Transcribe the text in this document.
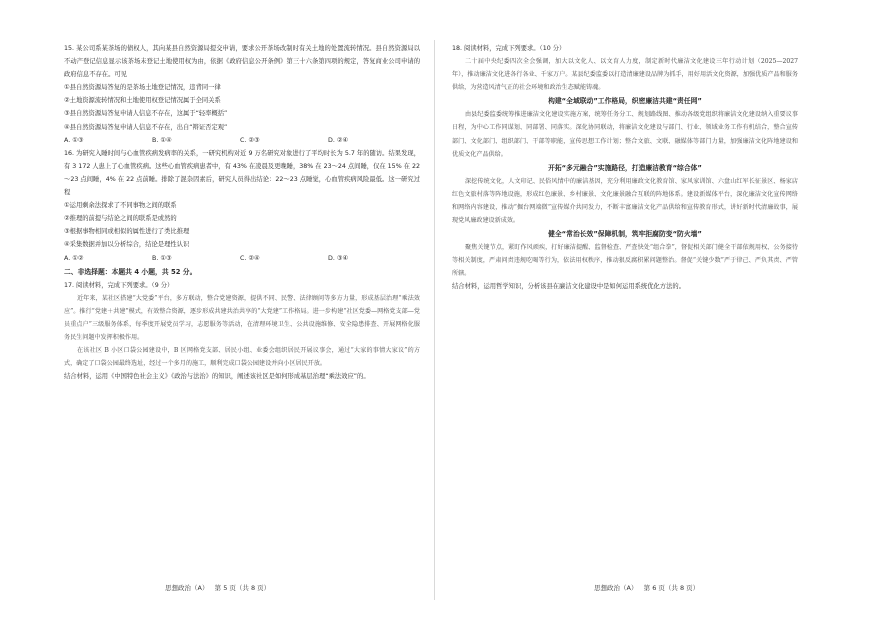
15. 某公司系某茶场的债权人，其向某县自然资源局提交申请，要求公开茶场改制时有关土地的处置流转情况。县自然资源局以不动产登记信息显示该茶场未登记土地使用权为由，依据《政府信息公开条例》第三十六条第四项的规定，答复商业公司申请的政府信息不存在。可见

①县自然资源局答复的是茶场土地登记情况，违背同一律

②土地资源流转情况和土地使用权登记情况属于全同关系

③县自然资源局答复申请人信息不存在，这属于“轻率概括”

④县自然资源局答复申请人信息不存在，出自“辩证否定观”

A. ①③	B. ①④	C. ②③	D. ②④

16. 为研究入睡时间与心血管疾病发病率的关系，一研究机构对近 9 万名研究对象进行了平均时长为 5.7 年的随访。结果发现，有 3 172 人患上了心血管疾病。这些心血管疾病患者中，有 43% 在凌晨及更晚睡，38% 在 23～24 点间睡，仅在 15% 在 22～23 点间睡，4% 在 22 点前睡。排除了混杂因素后，研究人员得出结论：22～23 点睡觉，心血管疾病风险最低。这一研究过程

①运用剩余法探求了不同事物之间的联系

②推理的前提与结论之间的联系是或然的

③根据事物相同或相似的属性进行了类比推理

④采集数据并加以分析综合，结论是理性认识

A. ①②	B. ①③	C. ②④	D. ③④

二、非选择题：本题共 4 小题，共 52 分。

17. 阅读材料，完成下列要求。（9 分）

近年来，某社区搭建“大党委”平台，多方联动，整合党建资源，提供不同、民警、法律顾问等多方力量，形成基层治理“乘法效应”。推行“党建＋共建”模式，有效整合资源，逐步形成共建共治共享的“大党建”工作格局。进一步构建“社区党委—网格党支部—党员重点户”三级服务体系，每季度开展党员学习，志愿服务等活动，在清理环境卫生、公共设施维修、安全隐患排查、开展网格化服务民生问题中发挥积极作用。

在该社区 B 小区口袋公园建设中，B 区网格党支部、居民小组、业委会组织居民开展议事会，通过“大家的事情大家议”的方式，确定了口袋公园最终选址，经过一个多月的施工，顺利完成口袋公园建设并向小区居民开放。

结合材料，运用《中国特色社会主义》《政治与法治》的知识，阐述该社区是如何形成基层治理“乘法效应”的。

思想政治（A）   第 5 页（共 8 页）

18. 阅读材料，完成下列要求。（10 分）

二十届中央纪委四次全会强调，加大以文化人、以文育人力度，制定新时代廉洁文化建设三年行动计划（2025—2027 年），推动廉洁文化进各行各业、千家万户。某县纪委监委以打造清廉建设品牌为抓手，用好用活文化资源，加强优质产品和服务供给，为营造风清气正的社会环境和政治生态赋能铸魂。

构建“全域联动”工作格局，织密廉洁共建“责任网”

由县纪委监委统筹推进廉洁文化建设实施方案，统筹任务分工、规划路线图、推动各级党组织将廉洁文化建设纳入重要议事日程，为中心工作同谋划、同部署、同落实。深化协同联动，将廉洁文化建设与部门、行业、领域业务工作有机结合，整合宣传部门、文化部门、组织部门、干部等职能，宣传思想工作计划；整合文旅、文联、融媒体等部门力量，加强廉洁文化阵地建设和优质文化产品供给。

开拓“多元融合”实施路径，打造廉洁教育“综合体”

深挖传统文化，人文印记、民俗风情中的廉洁基因，充分利用廉政文化教育馆、家风家训馆、六盘山红军长征景区、杨家店红色文旅村落等阵地设施，形成红色廉景、乡村廉景、文化廉景融合互联的阵地体系。建设新媒体平台，深化廉洁文化宣传网络和网络内容建设，推动“掘台网端微”宣传媒介共同发力，不断丰富廉洁文化产品供给和宣传教育形式，讲好新时代清廉故事，展现党风廉政建设新成效。

健全“常治长效”保障机制，筑牢拒腐防变“防火墙”

聚焦关键节点，紧盯作风顽疾，打好廉洁提醒、监督检查、严查快处“组合拳”，督促相关部门健全干部依规用权、公务接待等相关制度，严肃问责违规吃喝等行为，依法用权秩序，推动狠反腐积累问题整治。督促“关键少数”严于律己、严负其责、严管所辖。

结合材料，运用哲学知识，分析该县在廉洁文化建设中是如何运用系统优化方法的。

思想政治（A）   第 6 页（共 8 页）
